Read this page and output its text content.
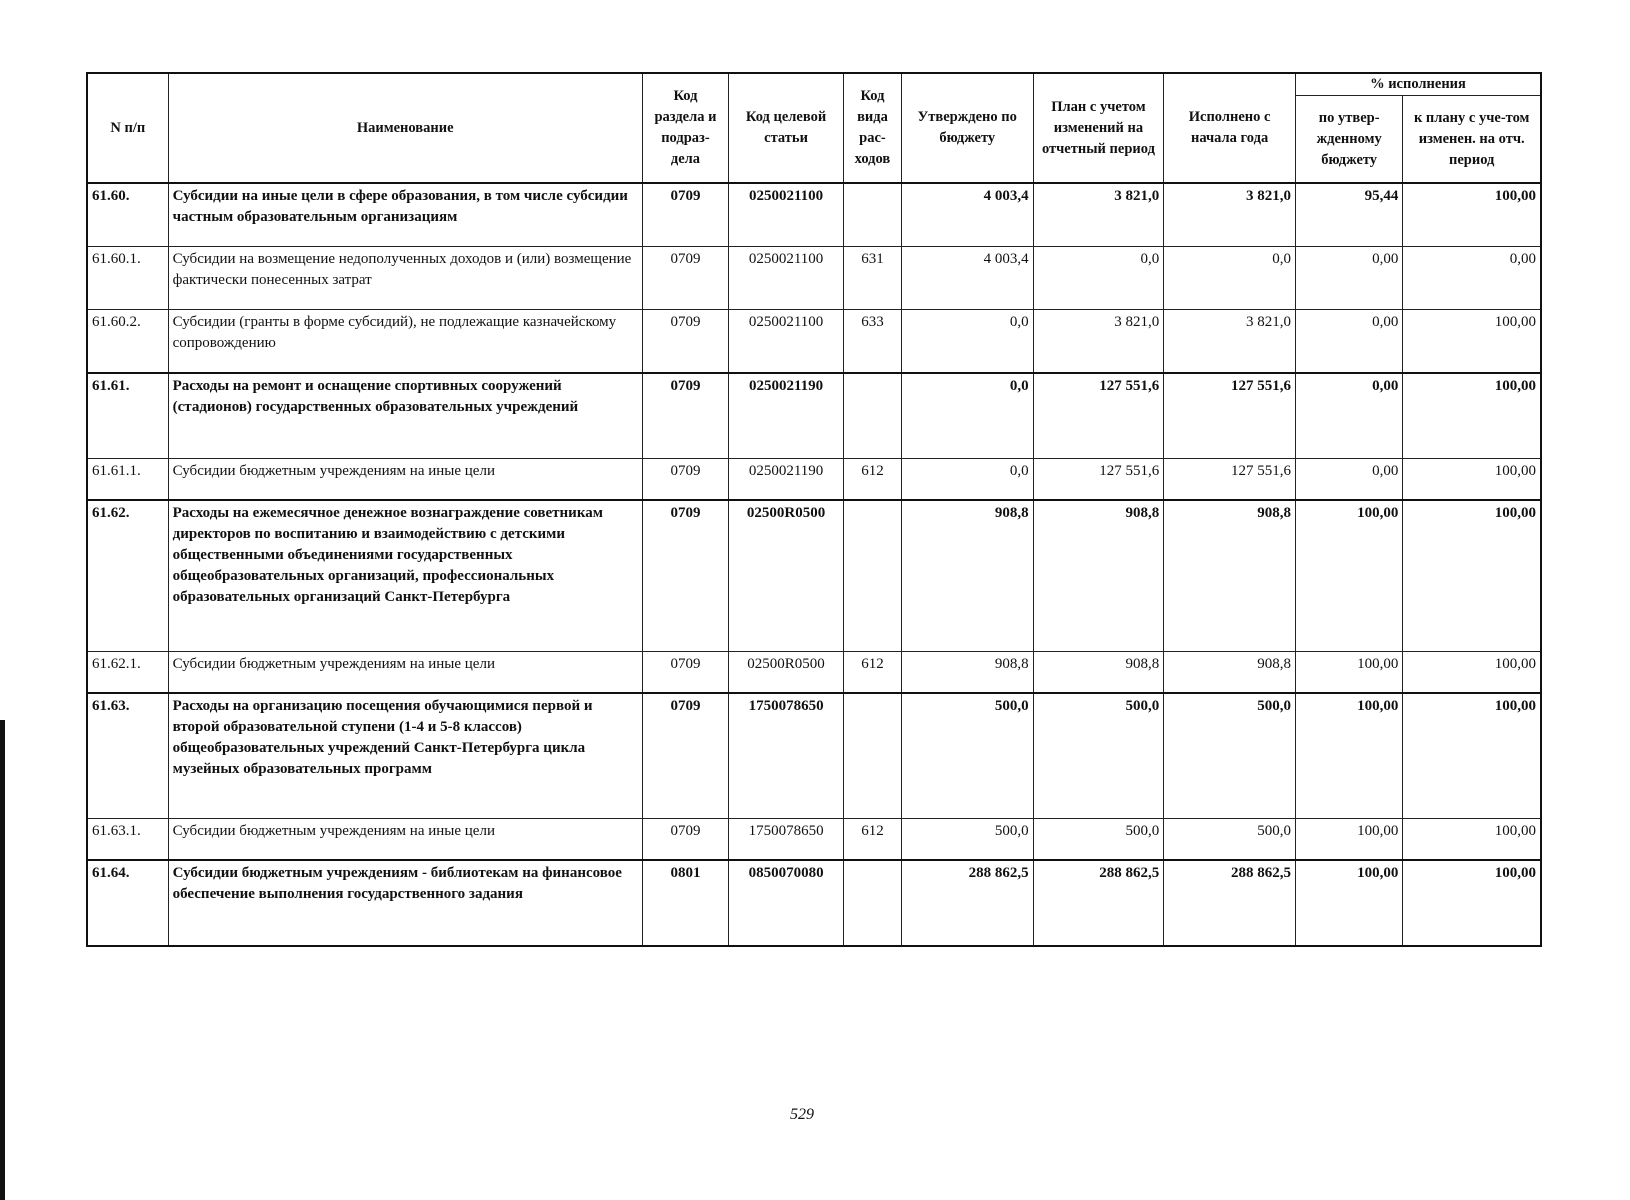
N п/п	Наименование	Код раздела и подраз-дела	Код целевой статьи	Код вида рас-ходов	Утверждено по бюджету	План с учетом изменений на отчетный период	Исполнено с начала года	% исполнения	
								по утвер-жденному бюджету	к плану с уче-том изменен. на отч. период
61.60.	Субсидии на иные цели в сфере образования, в том числе субсидии частным образовательным организациям	0709	0250021100		4 003,4	3 821,0	3 821,0	95,44	100,00
61.60.1.	Субсидии на возмещение недополученных доходов и (или) возмещение фактически понесенных затрат	0709	0250021100	631	4 003,4	0,0	0,0	0,00	0,00
61.60.2.	Субсидии (гранты в форме субсидий), не подлежащие казначейскому сопровождению	0709	0250021100	633	0,0	3 821,0	3 821,0	0,00	100,00
61.61.	Расходы на ремонт и оснащение спортивных сооружений (стадионов) государственных образовательных учреждений	0709	0250021190		0,0	127 551,6	127 551,6	0,00	100,00
61.61.1.	Субсидии бюджетным учреждениям на иные цели	0709	0250021190	612	0,0	127 551,6	127 551,6	0,00	100,00
61.62.	Расходы на ежемесячное денежное вознаграждение советникам директоров по воспитанию и взаимодействию с детскими общественными объединениями государственных общеобразовательных организаций, профессиональных образовательных организаций Санкт-Петербурга	0709	02500R0500		908,8	908,8	908,8	100,00	100,00
61.62.1.	Субсидии бюджетным учреждениям на иные цели	0709	02500R0500	612	908,8	908,8	908,8	100,00	100,00
61.63.	Расходы на организацию посещения обучающимися первой и второй образовательной ступени (1-4 и 5-8 классов) общеобразовательных учреждений Санкт-Петербурга цикла музейных образовательных программ	0709	1750078650		500,0	500,0	500,0	100,00	100,00
61.63.1.	Субсидии бюджетным учреждениям на иные цели	0709	1750078650	612	500,0	500,0	500,0	100,00	100,00
61.64.	Субсидии бюджетным учреждениям - библиотекам на финансовое обеспечение выполнения государственного задания	0801	0850070080		288 862,5	288 862,5	288 862,5	100,00	100,00
529
